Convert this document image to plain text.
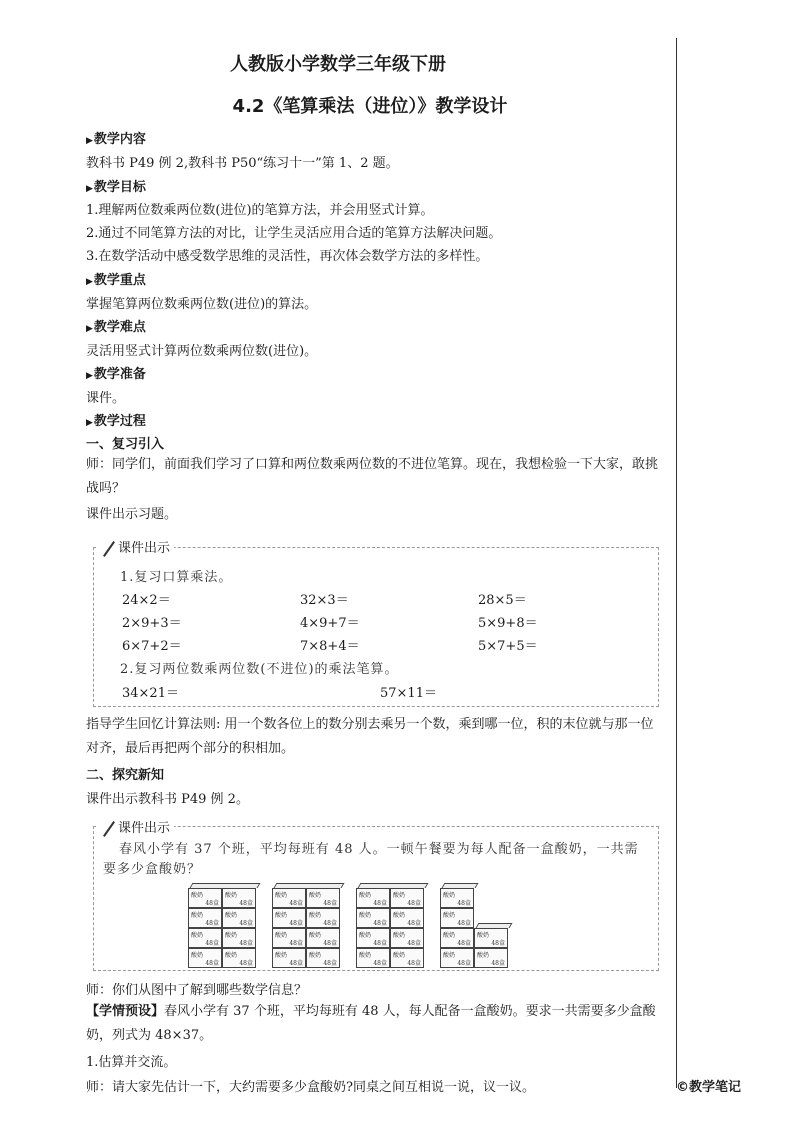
人教版小学数学三年级下册
4.2《笔算乘法（进位）》教学设计
▶教学内容
教科书 P49 例 2,教科书 P50“练习十一”第 1、2 题。
▶教学目标
1.理解两位数乘两位数(进位)的笔算方法，并会用竖式计算。
2.通过不同笔算方法的对比，让学生灵活应用合适的笔算方法解决问题。
3.在数学活动中感受数学思维的灵活性，再次体会数学方法的多样性。
▶教学重点
掌握笔算两位数乘两位数(进位)的算法。
▶教学难点
灵活用竖式计算两位数乘两位数(进位)。
▶教学准备
课件。
▶教学过程
一、复习引入
师：同学们，前面我们学习了口算和两位数乘两位数的不进位笔算。现在，我想检验一下大家，敢挑战吗？
课件出示习题。
课件出示
1.复习口算乘法。
24×2＝	32×3＝	28×5＝
2×9+3＝	4×9+7＝	5×9+8＝
6×7+2＝	7×8+4＝	5×7+5＝
2.复习两位数乘两位数(不进位)的乘法笔算。
34×21＝	57×11＝
指导学生回忆计算法则: 用一个数各位上的数分别去乘另一个数，乘到哪一位，积的末位就与那一位对齐，最后再把两个部分的积相加。
二、探究新知
课件出示教科书 P49 例 2。
课件出示
春风小学有 37 个班，平均每班有 48 人。一顿午餐要为每人配备一盒酸奶，一共需要多少盒酸奶？
师：你们从图中了解到哪些数学信息？
【学情预设】春风小学有 37 个班，平均每班有 48 人，每人配备一盒酸奶。要求一共需要多少盒酸奶，列式为 48×37。
1.估算并交流。
师：请大家先估计一下，大约需要多少盒酸奶?同桌之间互相说一说，议一议。	©教学笔记
酸奶
48盒
酸奶
48盒
酸奶
48盒
酸奶
48盒
酸奶
48盒
酸奶
48盒
酸奶
48盒
酸奶
48盒
酸奶
48盒
酸奶
48盒
酸奶
48盒
酸奶
48盒
酸奶
48盒
酸奶
48盒
酸奶
48盒
酸奶
48盒
酸奶
48盒
酸奶
48盒
酸奶
48盒
酸奶
48盒
酸奶
48盒
酸奶
48盒
酸奶
48盒
酸奶
48盒
酸奶
48盒
酸奶
48盒
酸奶
48盒
酸奶
48盒
酸奶
48盒
酸奶
48盒
